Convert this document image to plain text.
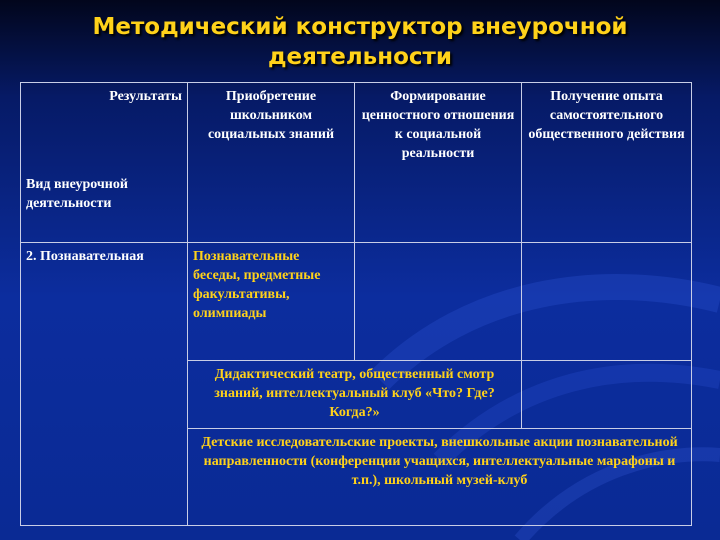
Методический конструктор внеурочной
деятельности
Результаты
Вид внеурочной деятельности	Приобретение школьником социальных знаний	Формирование ценностного отношения к социальной реальности	Получение опыта самостоятельного общественного действия
2. Познавательная	Познавательные беседы, предметные факультативы, олимпиады		
	Дидактический театр, общественный смотр знаний, интеллектуальный клуб «Что? Где? Когда?»		
	Детские исследовательские проекты, внешкольные акции познавательной направленности (конференции учащихся, интеллектуальные марафоны и т.п.), школьный музей-клуб		
